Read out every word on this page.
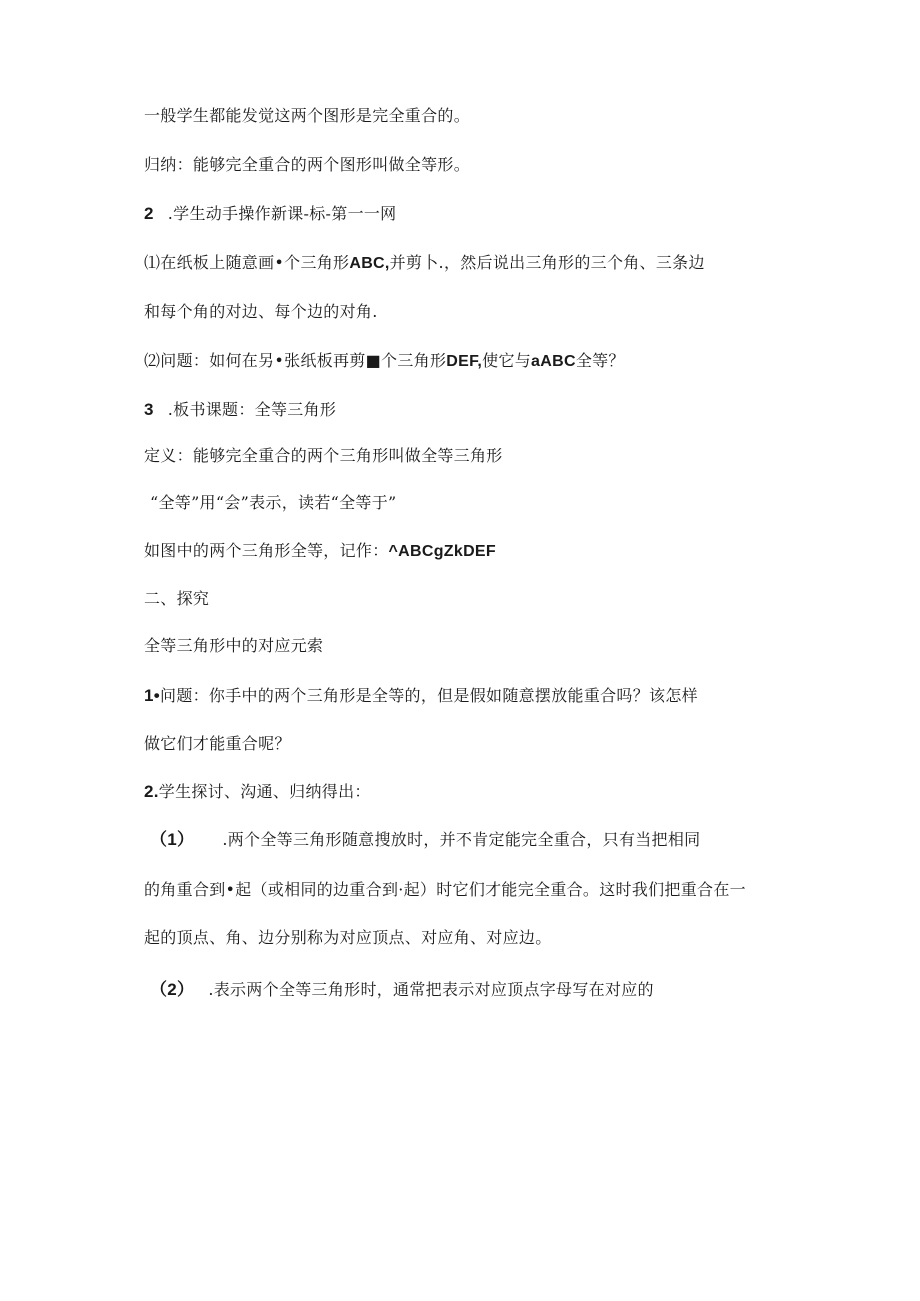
一般学生都能发觉这两个图形是完全重合的。
归纳：能够完全重合的两个图形叫做全等形。
2 .学生动手操作新课-标-第一一网
⑴在纸板上随意画•个三角形ABC,并剪卜.，然后说出三角形的三个角、三条边
和每个角的对边、每个边的对角.
⑵问题：如何在另•张纸板再剪■个三角形DEF,使它与aABC全等？
3 .板书课题：全等三角形
定义：能够完全重合的两个三角形叫做全等三角形
“全等”用“会”表示，读若“全等于”
如图中的两个三角形全等，记作：^ABCgZkDEF
二、探究
全等三角形中的对应元索
1•问题：你手中的两个三角形是全等的，但是假如随意摆放能重合吗？该怎样
做它们才能重合呢？
2.学生探讨、沟通、归纳得出：
（1） .两个全等三角形随意搜放时，并不肯定能完全重合，只有当把相同
的角重合到•起（或相同的边重合到·起）时它们才能完全重合。这时我们把重合在一
起的顶点、角、边分别称为对应顶点、对应角、对应边。
（2） .表示两个全等三角形时，通常把表示对应顶点字母写在对应的
